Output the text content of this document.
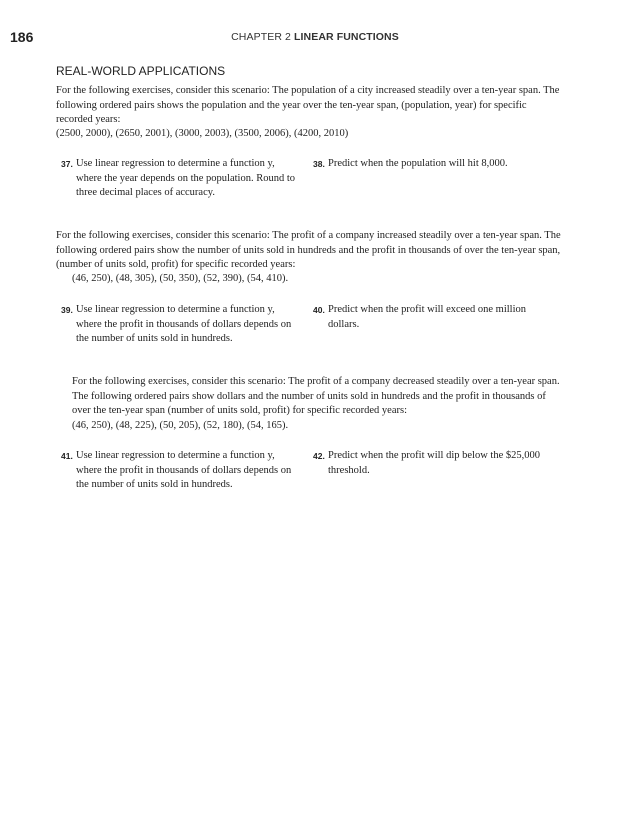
186	CHAPTER 2 LINEAR FUNCTIONS
REAL-WORLD APPLICATIONS
For the following exercises, consider this scenario: The population of a city increased steadily over a ten-year span. The following ordered pairs shows the population and the year over the ten-year span, (population, year) for specific recorded years:
(2500, 2000), (2650, 2001), (3000, 2003), (3500, 2006), (4200, 2010)
37. Use linear regression to determine a function y, where the year depends on the population. Round to three decimal places of accuracy.
38. Predict when the population will hit 8,000.
For the following exercises, consider this scenario: The profit of a company increased steadily over a ten-year span. The following ordered pairs show the number of units sold in hundreds and the profit in thousands of over the ten-year span, (number of units sold, profit) for specific recorded years:
(46, 250), (48, 305), (50, 350), (52, 390), (54, 410).
39. Use linear regression to determine a function y, where the profit in thousands of dollars depends on the number of units sold in hundreds.
40. Predict when the profit will exceed one million dollars.
For the following exercises, consider this scenario: The profit of a company decreased steadily over a ten-year span. The following ordered pairs show dollars and the number of units sold in hundreds and the profit in thousands of over the ten-year span (number of units sold, profit) for specific recorded years:
(46, 250), (48, 225), (50, 205), (52, 180), (54, 165).
41. Use linear regression to determine a function y, where the profit in thousands of dollars depends on the number of units sold in hundreds.
42. Predict when the profit will dip below the $25,000 threshold.
